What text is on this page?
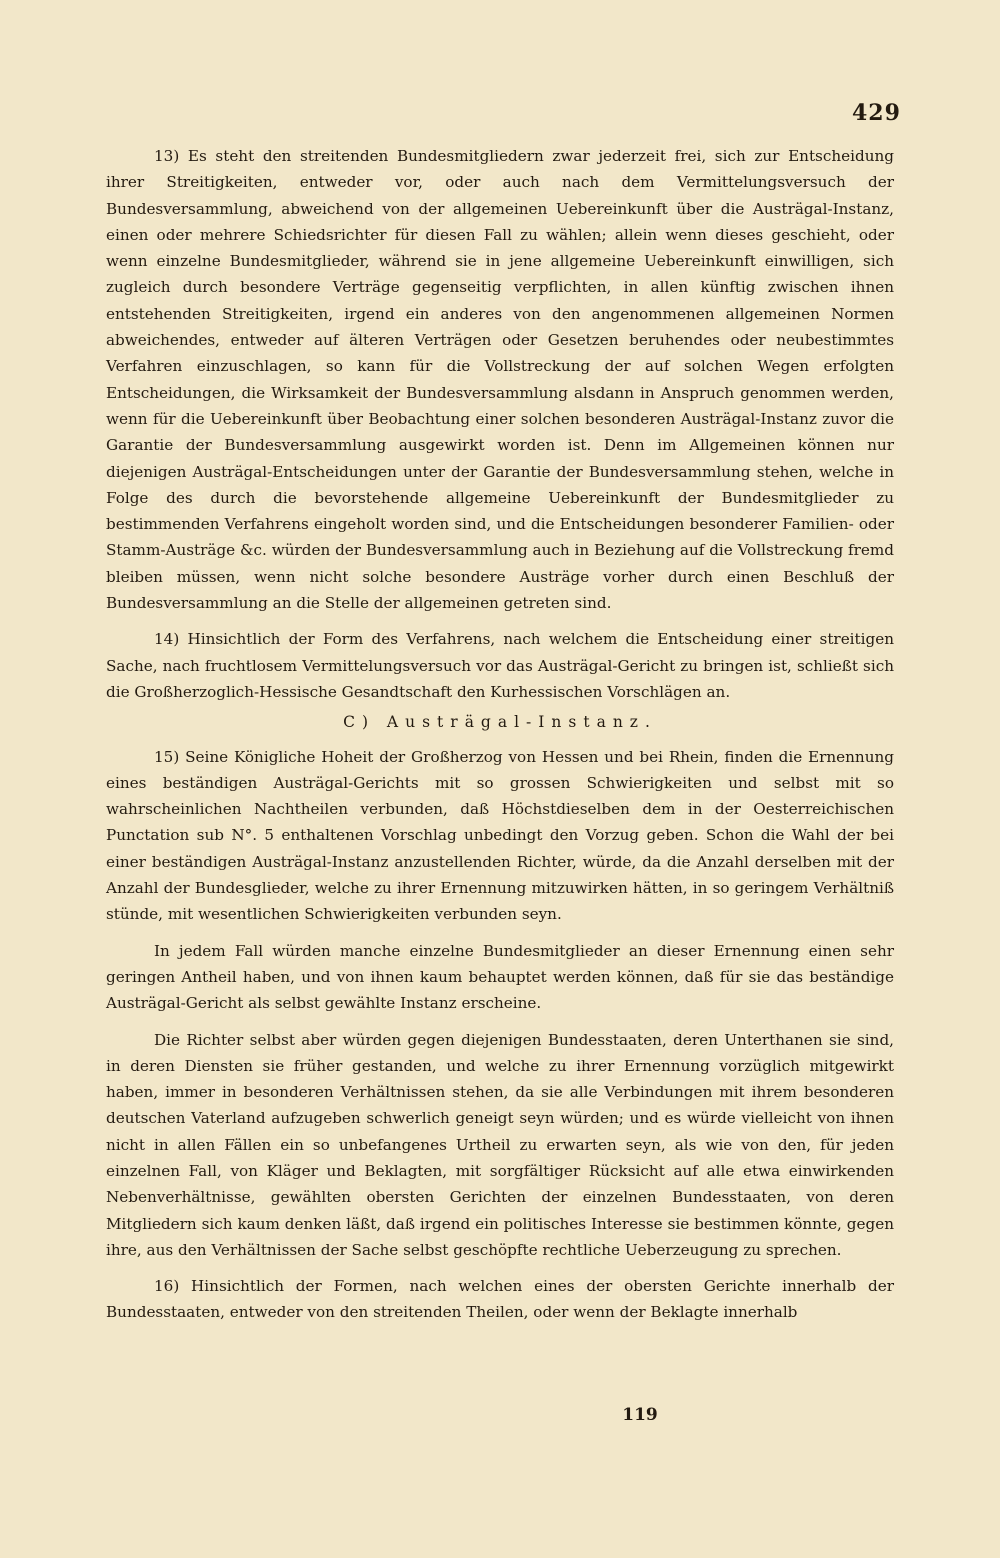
429

13) Es steht den streitenden Bundesmitgliedern zwar jederzeit frei, sich zur Entscheidung ihrer Streitigkeiten, entweder vor, oder auch nach dem Vermittelungsversuch der Bundesversammlung, abweichend von der allgemeinen Uebereinkunft über die Austrägal-Instanz, einen oder mehrere Schiedsrichter für diesen Fall zu wählen; allein wenn dieses geschieht, oder wenn einzelne Bundesmitglieder, während sie in jene allgemeine Uebereinkunft einwilligen, sich zugleich durch besondere Verträge gegenseitig verpflichten, in allen künftig zwischen ihnen entstehenden Streitigkeiten, irgend ein anderes von den angenommenen allgemeinen Normen abweichendes, entweder auf älteren Verträgen oder Gesetzen beruhendes oder neubestimmtes Verfahren einzuschlagen, so kann für die Vollstreckung der auf solchen Wegen erfolgten Entscheidungen, die Wirksamkeit der Bundesversammlung alsdann in Anspruch genommen werden, wenn für die Uebereinkunft über Beobachtung einer solchen besonderen Austrägal-Instanz zuvor die Garantie der Bundesversammlung ausgewirkt worden ist. Denn im Allgemeinen können nur diejenigen Austrägal-Entscheidungen unter der Garantie der Bundesversammlung stehen, welche in Folge des durch die bevorstehende allgemeine Uebereinkunft der Bundesmitglieder zu bestimmenden Verfahrens eingeholt worden sind, und die Entscheidungen besonderer Familien- oder Stamm-Austräge &c. würden der Bundesversammlung auch in Beziehung auf die Vollstreckung fremd bleiben müssen, wenn nicht solche besondere Austräge vorher durch einen Beschluß der Bundesversammlung an die Stelle der allgemeinen getreten sind.

14) Hinsichtlich der Form des Verfahrens, nach welchem die Entscheidung einer streitigen Sache, nach fruchtlosem Vermittelungsversuch vor das Austrägal-Gericht zu bringen ist, schließt sich die Großherzoglich-Hessische Gesandtschaft den Kurhessischen Vorschlägen an.

C) Austrägal-Instanz.

15) Seine Königliche Hoheit der Großherzog von Hessen und bei Rhein, finden die Ernennung eines beständigen Austrägal-Gerichts mit so grossen Schwierigkeiten und selbst mit so wahrscheinlichen Nachtheilen verbunden, daß Höchstdieselben dem in der Oesterreichischen Punctation sub N°. 5 enthaltenen Vorschlag unbedingt den Vorzug geben. Schon die Wahl der bei einer beständigen Austrägal-Instanz anzustellenden Richter, würde, da die Anzahl derselben mit der Anzahl der Bundesglieder, welche zu ihrer Ernennung mitzuwirken hätten, in so geringem Verhältniß stünde, mit wesentlichen Schwierigkeiten verbunden seyn.

In jedem Fall würden manche einzelne Bundesmitglieder an dieser Ernennung einen sehr geringen Antheil haben, und von ihnen kaum behauptet werden können, daß für sie das beständige Austrägal-Gericht als selbst gewählte Instanz erscheine.

Die Richter selbst aber würden gegen diejenigen Bundesstaaten, deren Unterthanen sie sind, in deren Diensten sie früher gestanden, und welche zu ihrer Ernennung vorzüglich mitgewirkt haben, immer in besonderen Verhältnissen stehen, da sie alle Verbindungen mit ihrem besonderen deutschen Vaterland aufzugeben schwerlich geneigt seyn würden; und es würde vielleicht von ihnen nicht in allen Fällen ein so unbefangenes Urtheil zu erwarten seyn, als wie von den, für jeden einzelnen Fall, von Kläger und Beklagten, mit sorgfältiger Rücksicht auf alle etwa einwirkenden Nebenverhältnisse, gewählten obersten Gerichten der einzelnen Bundesstaaten, von deren Mitgliedern sich kaum denken läßt, daß irgend ein politisches Interesse sie bestimmen könnte, gegen ihre, aus den Verhältnissen der Sache selbst geschöpfte rechtliche Ueberzeugung zu sprechen.

16) Hinsichtlich der Formen, nach welchen eines der obersten Gerichte innerhalb der Bundesstaaten, entweder von den streitenden Theilen, oder wenn der Beklagte innerhalb

119
